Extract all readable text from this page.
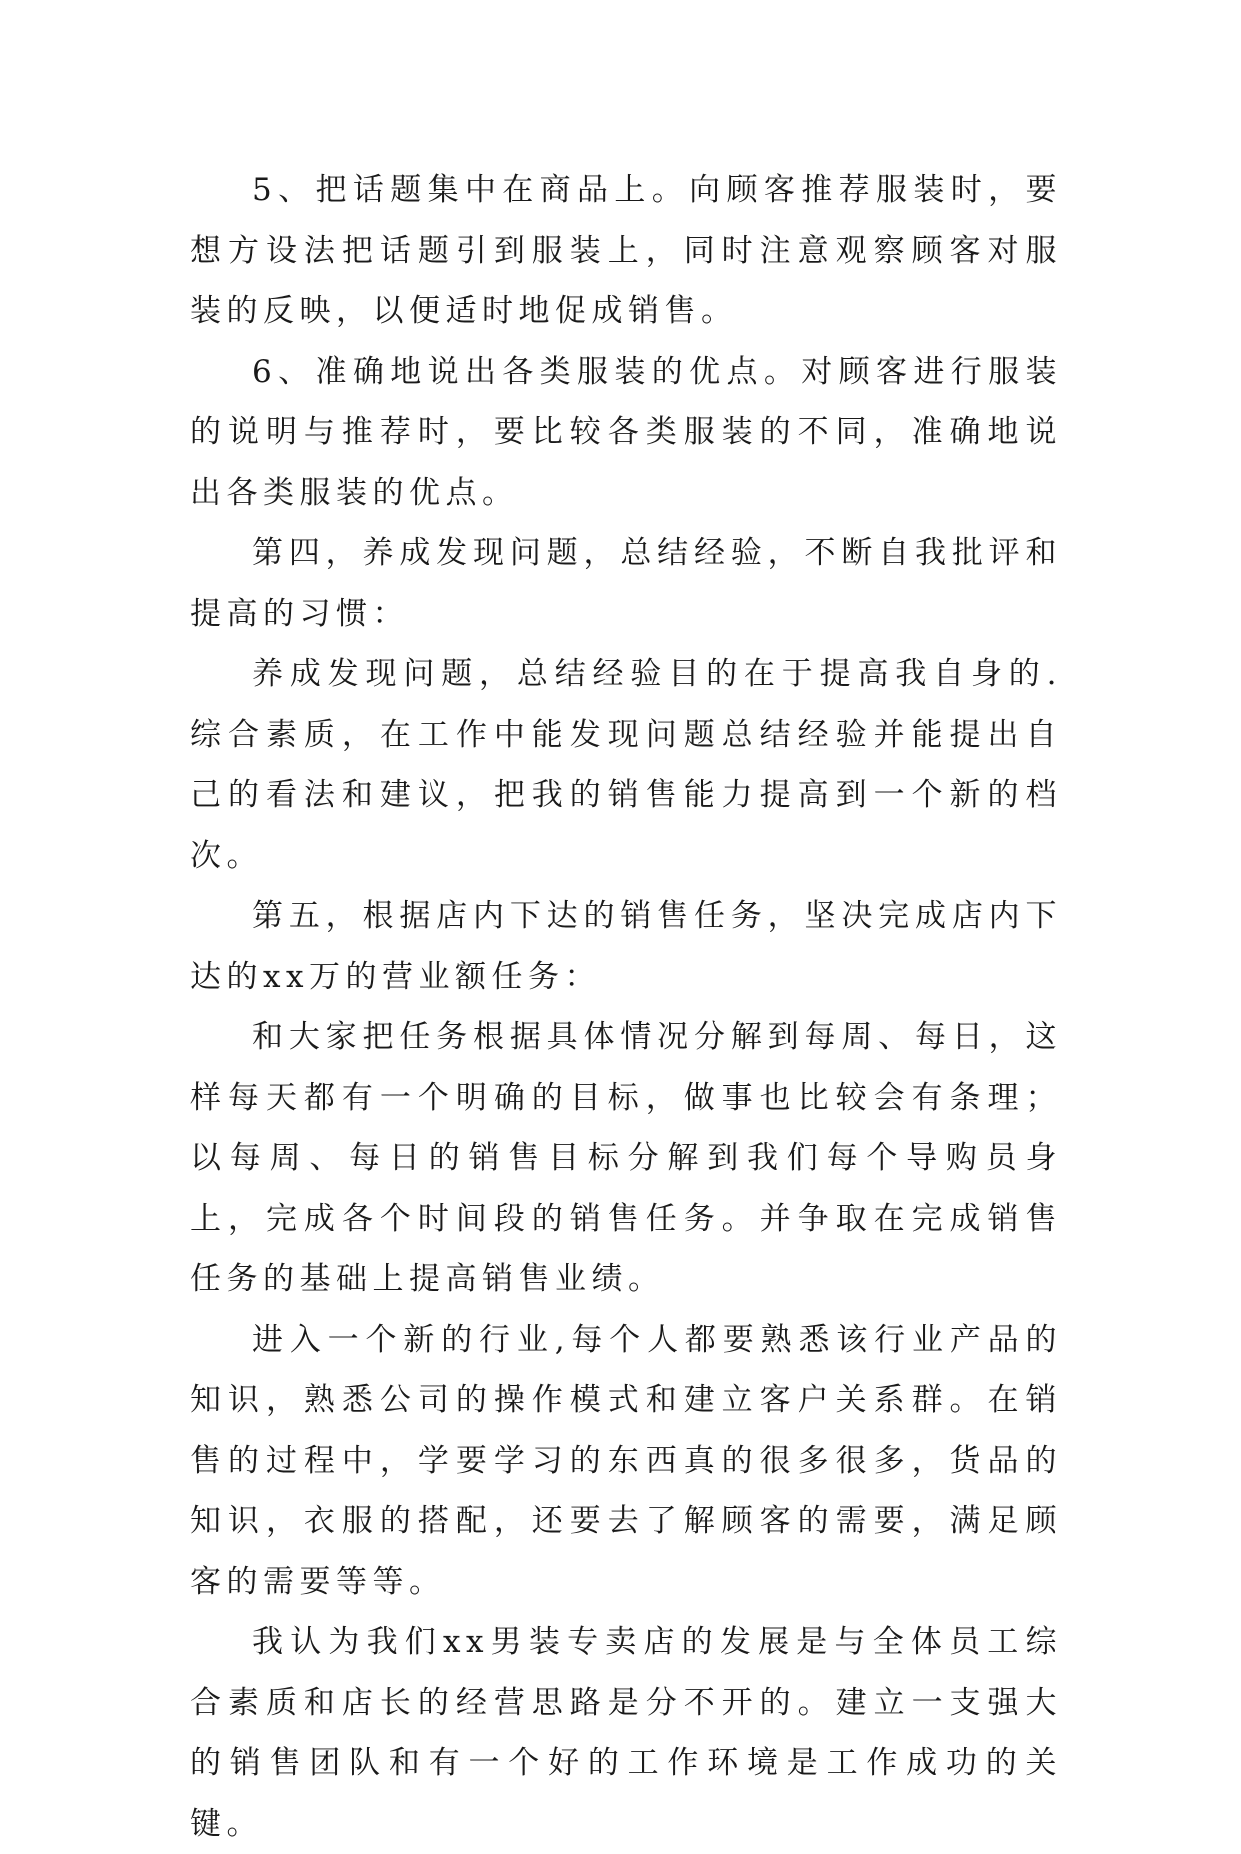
5、把话题集中在商品上。向顾客推荐服装时，要想方设法把话题引到服装上，同时注意观察顾客对服装的反映，以便适时地促成销售。

6、准确地说出各类服装的优点。对顾客进行服装的说明与推荐时，要比较各类服装的不同，准确地说出各类服装的优点。

第四，养成发现问题，总结经验，不断自我批评和提高的习惯：

养成发现问题，总结经验目的在于提高我自身的.综合素质，在工作中能发现问题总结经验并能提出自己的看法和建议，把我的销售能力提高到一个新的档次。

第五，根据店内下达的销售任务，坚决完成店内下达的xx万的营业额任务：

和大家把任务根据具体情况分解到每周、每日，这样每天都有一个明确的目标，做事也比较会有条理；以每周、每日的销售目标分解到我们每个导购员身上，完成各个时间段的销售任务。并争取在完成销售任务的基础上提高销售业绩。

进入一个新的行业,每个人都要熟悉该行业产品的知识，熟悉公司的操作模式和建立客户关系群。在销售的过程中，学要学习的东西真的很多很多，货品的知识，衣服的搭配，还要去了解顾客的需要，满足顾客的需要等等。

我认为我们xx男装专卖店的发展是与全体员工综合素质和店长的经营思路是分不开的。建立一支强大的销售团队和有一个好的工作环境是工作成功的关键。
